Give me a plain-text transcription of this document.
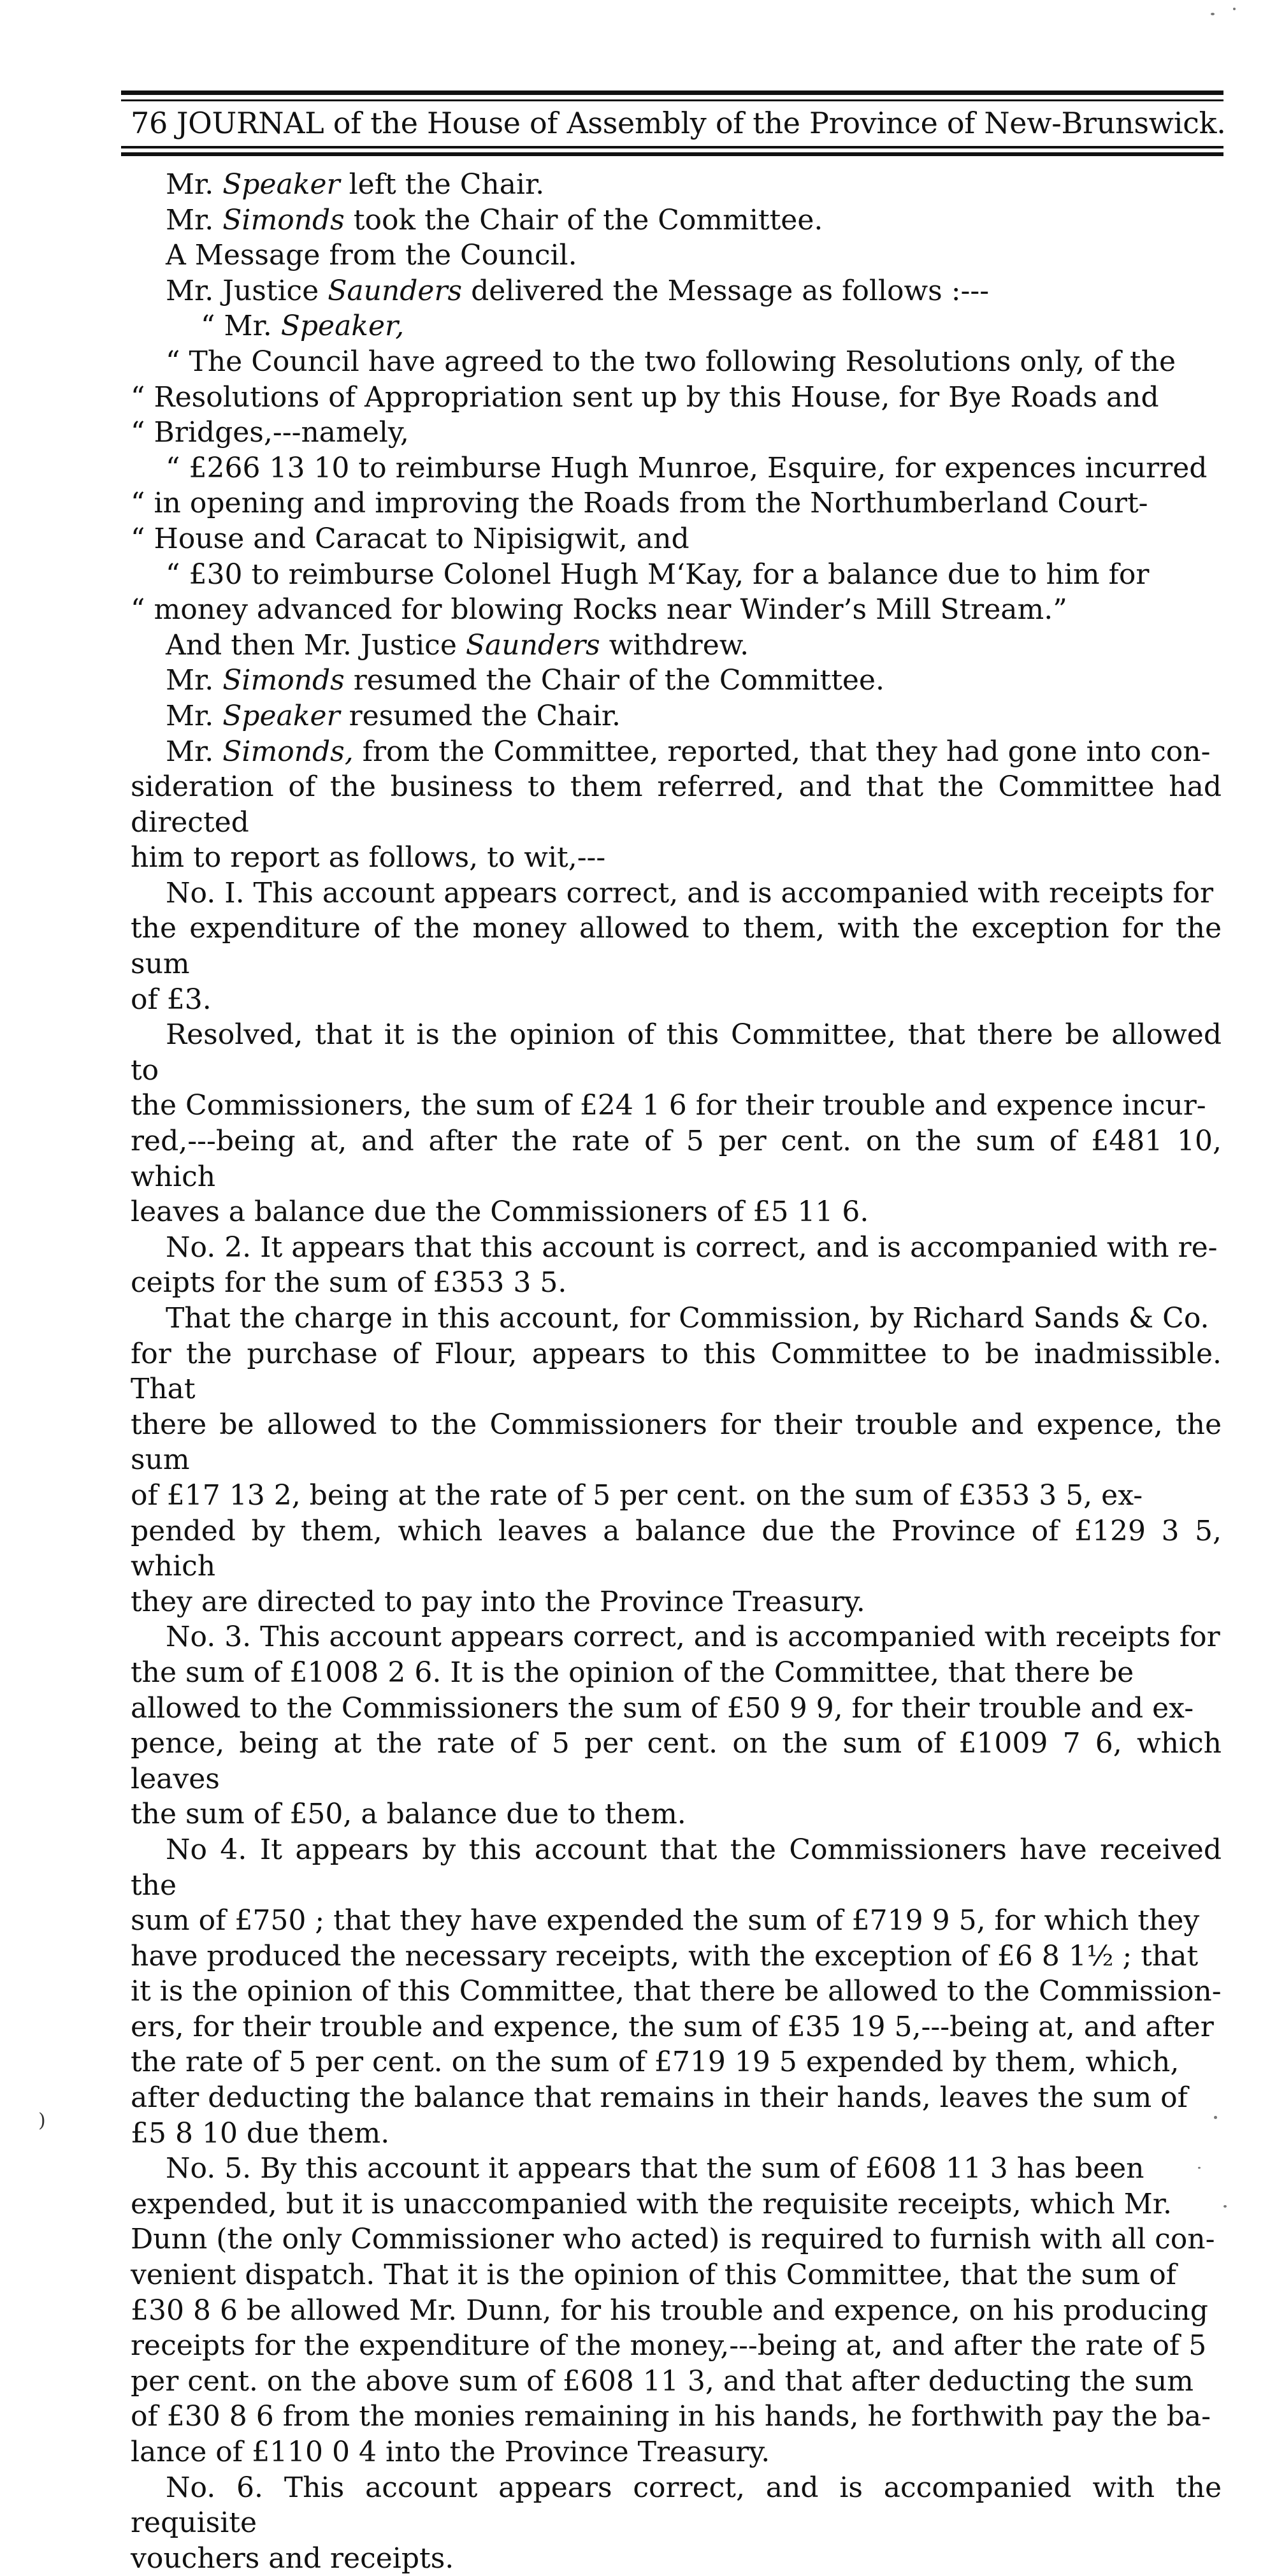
76 JOURNAL of the House of Assembly of the Province of New-Brunswick.
Mr. Speaker left the Chair.
Mr. Simonds took the Chair of the Committee.
A Message from the Council.
Mr. Justice Saunders delivered the Message as follows :---
“ Mr. Speaker,
“ The Council have agreed to the two following Resolutions only, of the
“ Resolutions of Appropriation sent up by this House, for Bye Roads and
“ Bridges,---namely,
“ £266 13 10 to reimburse Hugh Munroe, Esquire, for expences incurred
“ in opening and improving the Roads from the Northumberland Court-
“ House and Caracat to Nipisigwit, and
“ £30 to reimburse Colonel Hugh M‘Kay, for a balance due to him for
“ money advanced for blowing Rocks near Winder’s Mill Stream.”
And then Mr. Justice Saunders withdrew.
Mr. Simonds resumed the Chair of the Committee.
Mr. Speaker resumed the Chair.
Mr. Simonds, from the Committee, reported, that they had gone into con-
sideration of the business to them referred, and that the Committee had directed
him to report as follows, to wit,---
No. I. This account appears correct, and is accompanied with receipts for
the expenditure of the money allowed to them, with the exception for the sum
of £3.
Resolved, that it is the opinion of this Committee, that there be allowed to
the Commissioners, the sum of £24 1 6 for their trouble and expence incur-
red,---being at, and after the rate of 5 per cent. on the sum of £481 10, which
leaves a balance due the Commissioners of £5 11 6.
No. 2. It appears that this account is correct, and is accompanied with re-
ceipts for the sum of £353 3 5.
That the charge in this account, for Commission, by Richard Sands & Co.
for the purchase of Flour, appears to this Committee to be inadmissible. That
there be allowed to the Commissioners for their trouble and expence, the sum
of £17 13 2, being at the rate of 5 per cent. on the sum of £353 3 5, ex-
pended by them, which leaves a balance due the Province of £129 3 5, which
they are directed to pay into the Province Treasury.
No. 3. This account appears correct, and is accompanied with receipts for
the sum of £1008 2 6. It is the opinion of the Committee, that there be
allowed to the Commissioners the sum of £50 9 9, for their trouble and ex-
pence, being at the rate of 5 per cent. on the sum of £1009 7 6, which leaves
the sum of £50, a balance due to them.
No 4. It appears by this account that the Commissioners have received the
sum of £750 ; that they have expended the sum of £719 9 5, for which they
have produced the necessary receipts, with the exception of £6 8 1½ ; that
it is the opinion of this Committee, that there be allowed to the Commission-
ers, for their trouble and expence, the sum of £35 19 5,---being at, and after
the rate of 5 per cent. on the sum of £719 19 5 expended by them, which,
after deducting the balance that remains in their hands, leaves the sum of
£5 8 10 due them.
No. 5. By this account it appears that the sum of £608 11 3 has been
expended, but it is unaccompanied with the requisite receipts, which Mr.
Dunn (the only Commissioner who acted) is required to furnish with all con-
venient dispatch. That it is the opinion of this Committee, that the sum of
£30 8 6 be allowed Mr. Dunn, for his trouble and expence, on his producing
receipts for the expenditure of the money,---being at, and after the rate of 5
per cent. on the above sum of £608 11 3, and that after deducting the sum
of £30 8 6 from the monies remaining in his hands, he forthwith pay the ba-
lance of £110 0 4 into the Province Treasury.
No. 6. This account appears correct, and is accompanied with the requisite
vouchers and receipts.
)
